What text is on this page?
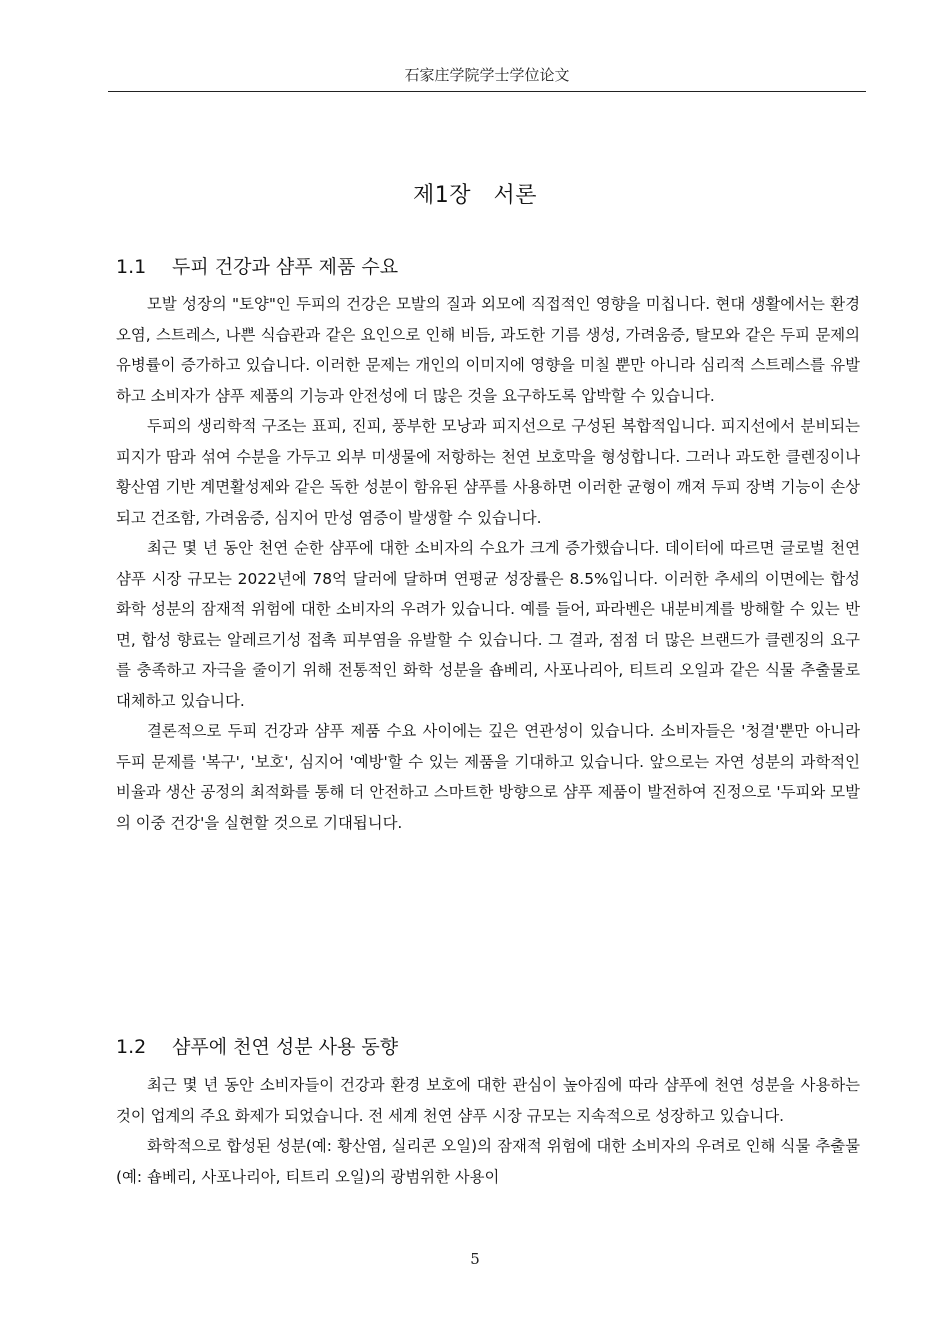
石家庄学院学士学位论文
제1장   서론
1.1 두피 건강과 샴푸 제품 수요

모발 성장의 "토양"인 두피의 건강은 모발의 질과 외모에 직접적인 영향을 미칩니다. 현대 생활에서는 환경 오염, 스트레스, 나쁜 식습관과 같은 요인으로 인해 비듬, 과도한 기름 생성, 가려움증, 탈모와 같은 두피 문제의 유병률이 증가하고 있습니다. 이러한 문제는 개인의 이미지에 영향을 미칠 뿐만 아니라 심리적 스트레스를 유발하고 소비자가 샴푸 제품의 기능과 안전성에 더 많은 것을 요구하도록 압박할 수 있습니다.

두피의 생리학적 구조는 표피, 진피, 풍부한 모낭과 피지선으로 구성된 복합적입니다. 피지선에서 분비되는 피지가 땀과 섞여 수분을 가두고 외부 미생물에 저항하는 천연 보호막을 형성합니다. 그러나 과도한 클렌징이나 황산염 기반 계면활성제와 같은 독한 성분이 함유된 샴푸를 사용하면 이러한 균형이 깨져 두피 장벽 기능이 손상되고 건조함, 가려움증, 심지어 만성 염증이 발생할 수 있습니다.

최근 몇 년 동안 천연 순한 샴푸에 대한 소비자의 수요가 크게 증가했습니다. 데이터에 따르면 글로벌 천연 샴푸 시장 규모는 2022년에 78억 달러에 달하며 연평균 성장률은 8.5%입니다. 이러한 추세의 이면에는 합성 화학 성분의 잠재적 위험에 대한 소비자의 우려가 있습니다. 예를 들어, 파라벤은 내분비계를 방해할 수 있는 반면, 합성 향료는 알레르기성 접촉 피부염을 유발할 수 있습니다. 그 결과, 점점 더 많은 브랜드가 클렌징의 요구를 충족하고 자극을 줄이기 위해 전통적인 화학 성분을 숍베리, 사포나리아, 티트리 오일과 같은 식물 추출물로 대체하고 있습니다.

결론적으로 두피 건강과 샴푸 제품 수요 사이에는 깊은 연관성이 있습니다. 소비자들은 '청결'뿐만 아니라 두피 문제를 '복구', '보호', 심지어 '예방'할 수 있는 제품을 기대하고 있습니다. 앞으로는 자연 성분의 과학적인 비율과 생산 공정의 최적화를 통해 더 안전하고 스마트한 방향으로 샴푸 제품이 발전하여 진정으로 '두피와 모발의 이중 건강'을 실현할 것으로 기대됩니다.

1.2 샴푸에 천연 성분 사용 동향

최근 몇 년 동안 소비자들이 건강과 환경 보호에 대한 관심이 높아짐에 따라 샴푸에 천연 성분을 사용하는 것이 업계의 주요 화제가 되었습니다. 전 세계 천연 샴푸 시장 규모는 지속적으로 성장하고 있습니다.

화학적으로 합성된 성분(예: 황산염, 실리콘 오일)의 잠재적 위험에 대한 소비자의 우려로 인해 식물 추출물(예: 숍베리, 사포나리아, 티트리 오일)의 광범위한 사용이

5
